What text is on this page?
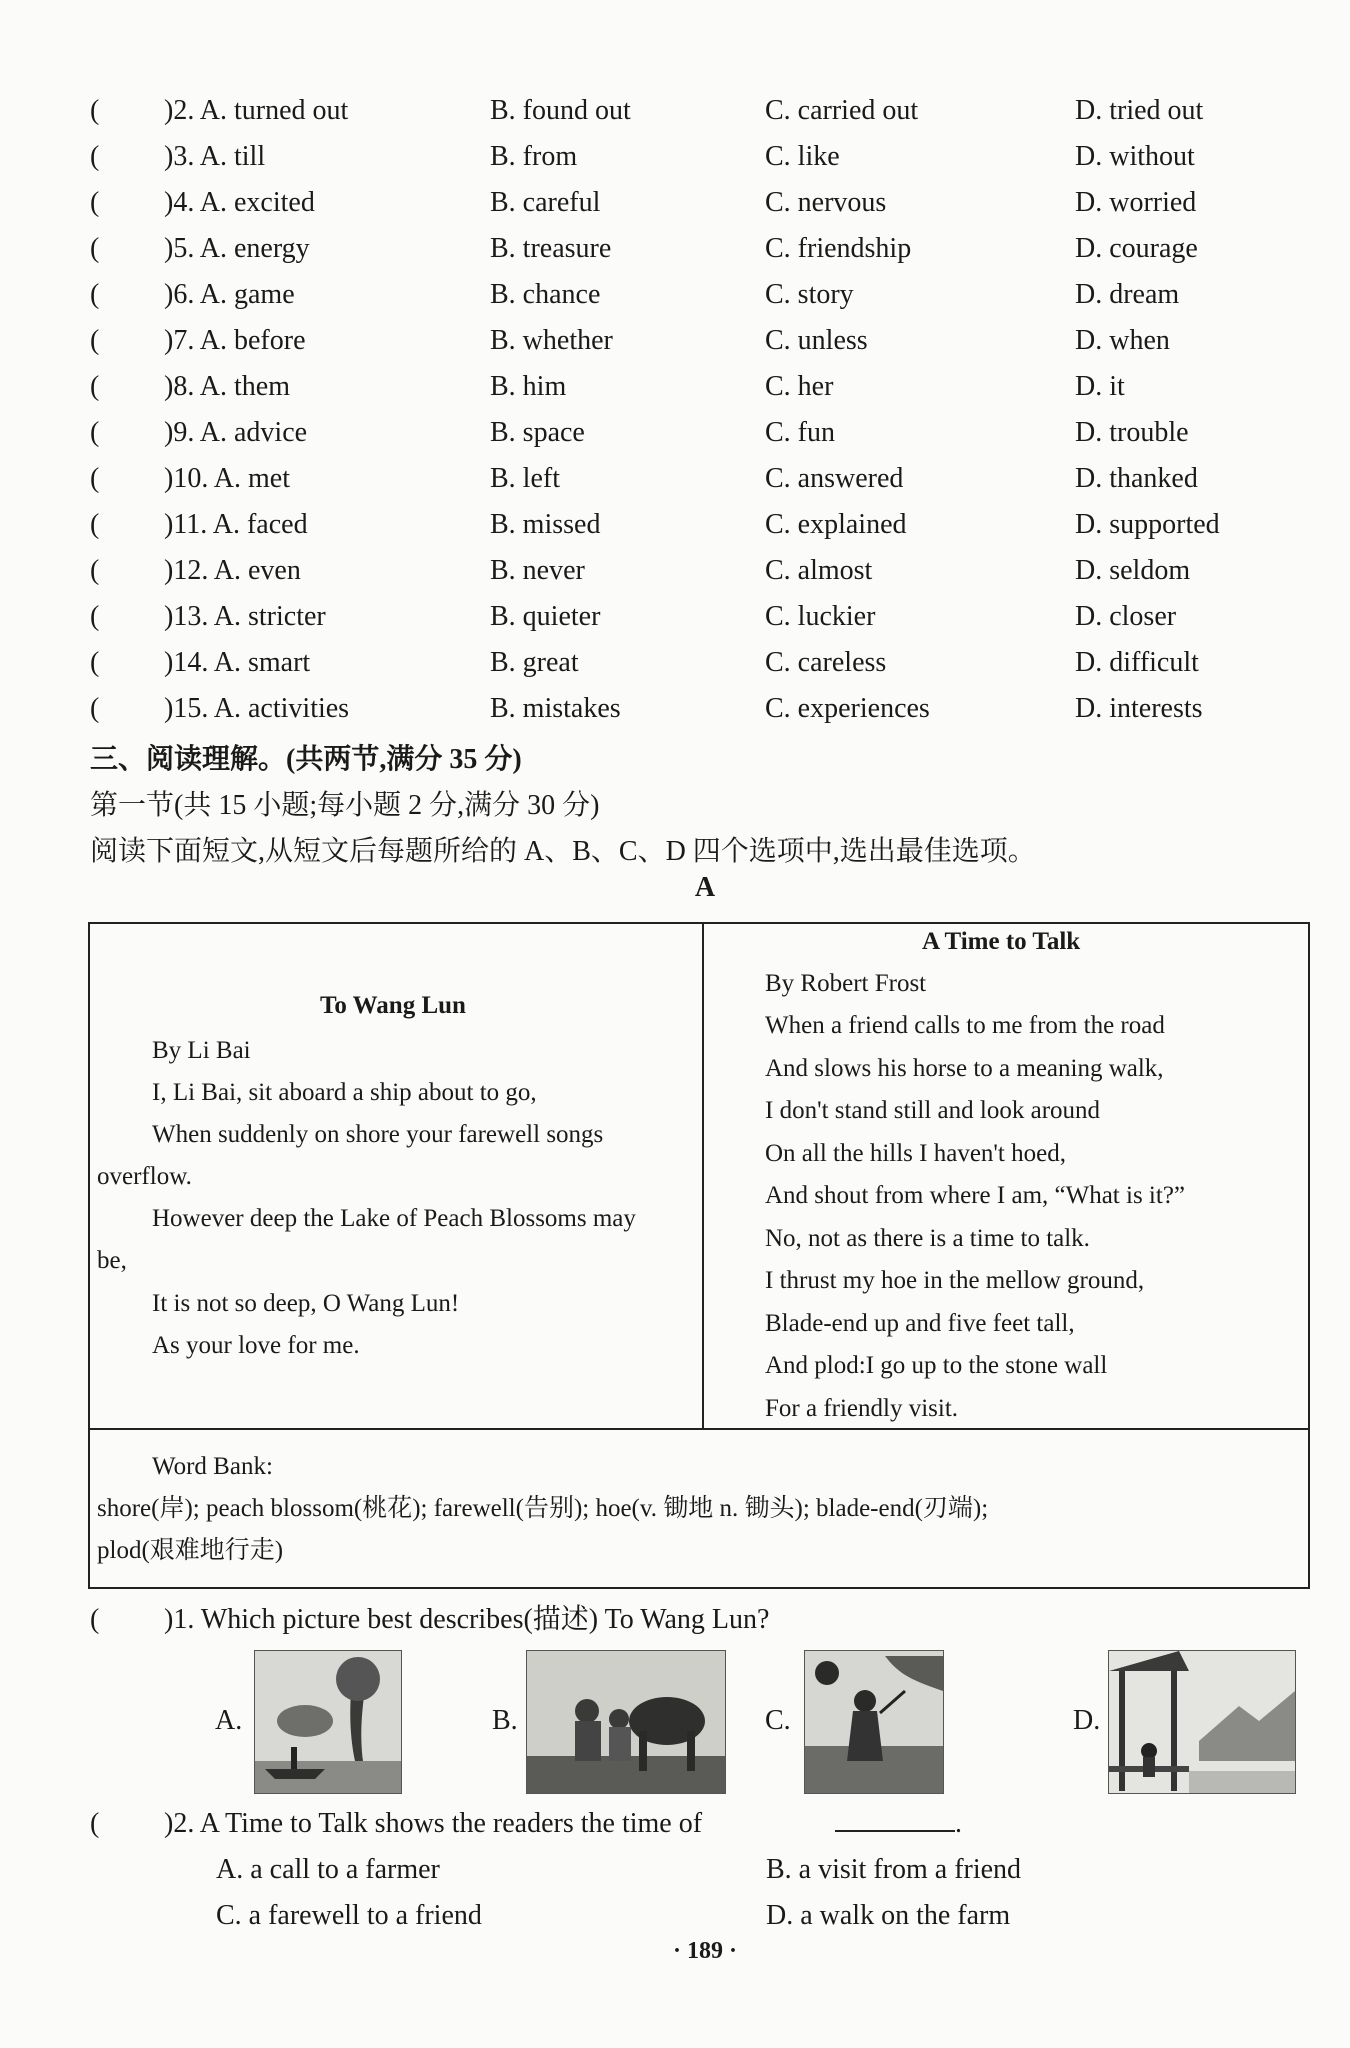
( )2. A. turned out	B. found out	C. carried out	D. tried out
( )3. A. till	B. from	C. like	D. without
( )4. A. excited	B. careful	C. nervous	D. worried
( )5. A. energy	B. treasure	C. friendship	D. courage
( )6. A. game	B. chance	C. story	D. dream
( )7. A. before	B. whether	C. unless	D. when
( )8. A. them	B. him	C. her	D. it
( )9. A. advice	B. space	C. fun	D. trouble
( )10. A. met	B. left	C. answered	D. thanked
( )11. A. faced	B. missed	C. explained	D. supported
( )12. A. even	B. never	C. almost	D. seldom
( )13. A. stricter	B. quieter	C. luckier	D. closer
( )14. A. smart	B. great	C. careless	D. difficult
( )15. A. activities	B. mistakes	C. experiences	D. interests
三、阅读理解。(共两节,满分 35 分)
第一节(共 15 小题;每小题 2 分,满分 30 分)
阅读下面短文,从短文后每题所给的 A、B、C、D 四个选项中,选出最佳选项。
A
To Wang Lun
By Li Bai
I, Li Bai, sit aboard a ship about to go,
When suddenly on shore your farewell songs
overflow.
However deep the Lake of Peach Blossoms may
be,
It is not so deep, O Wang Lun!
As your love for me.
A Time to Talk
By Robert Frost
When a friend calls to me from the road
And slows his horse to a meaning walk,
I don't stand still and look around
On all the hills I haven't hoed,
And shout from where I am, “What is it?”
No, not as there is a time to talk.
I thrust my hoe in the mellow ground,
Blade-end up and five feet tall,
And plod:I go up to the stone wall
For a friendly visit.
Word Bank:
shore(岸); peach blossom(桃花); farewell(告别); hoe(v. 锄地 n. 锄头); blade-end(刃端);
plod(艰难地行走)
( )1. Which picture best describes(描述) To Wang Lun?
A.	B.	C.	D.
( )2. A Time to Talk shows the readers the time of	.
A. a call to a farmer	B. a visit from a friend
C. a farewell to a friend	D. a walk on the farm
· 189 ·
